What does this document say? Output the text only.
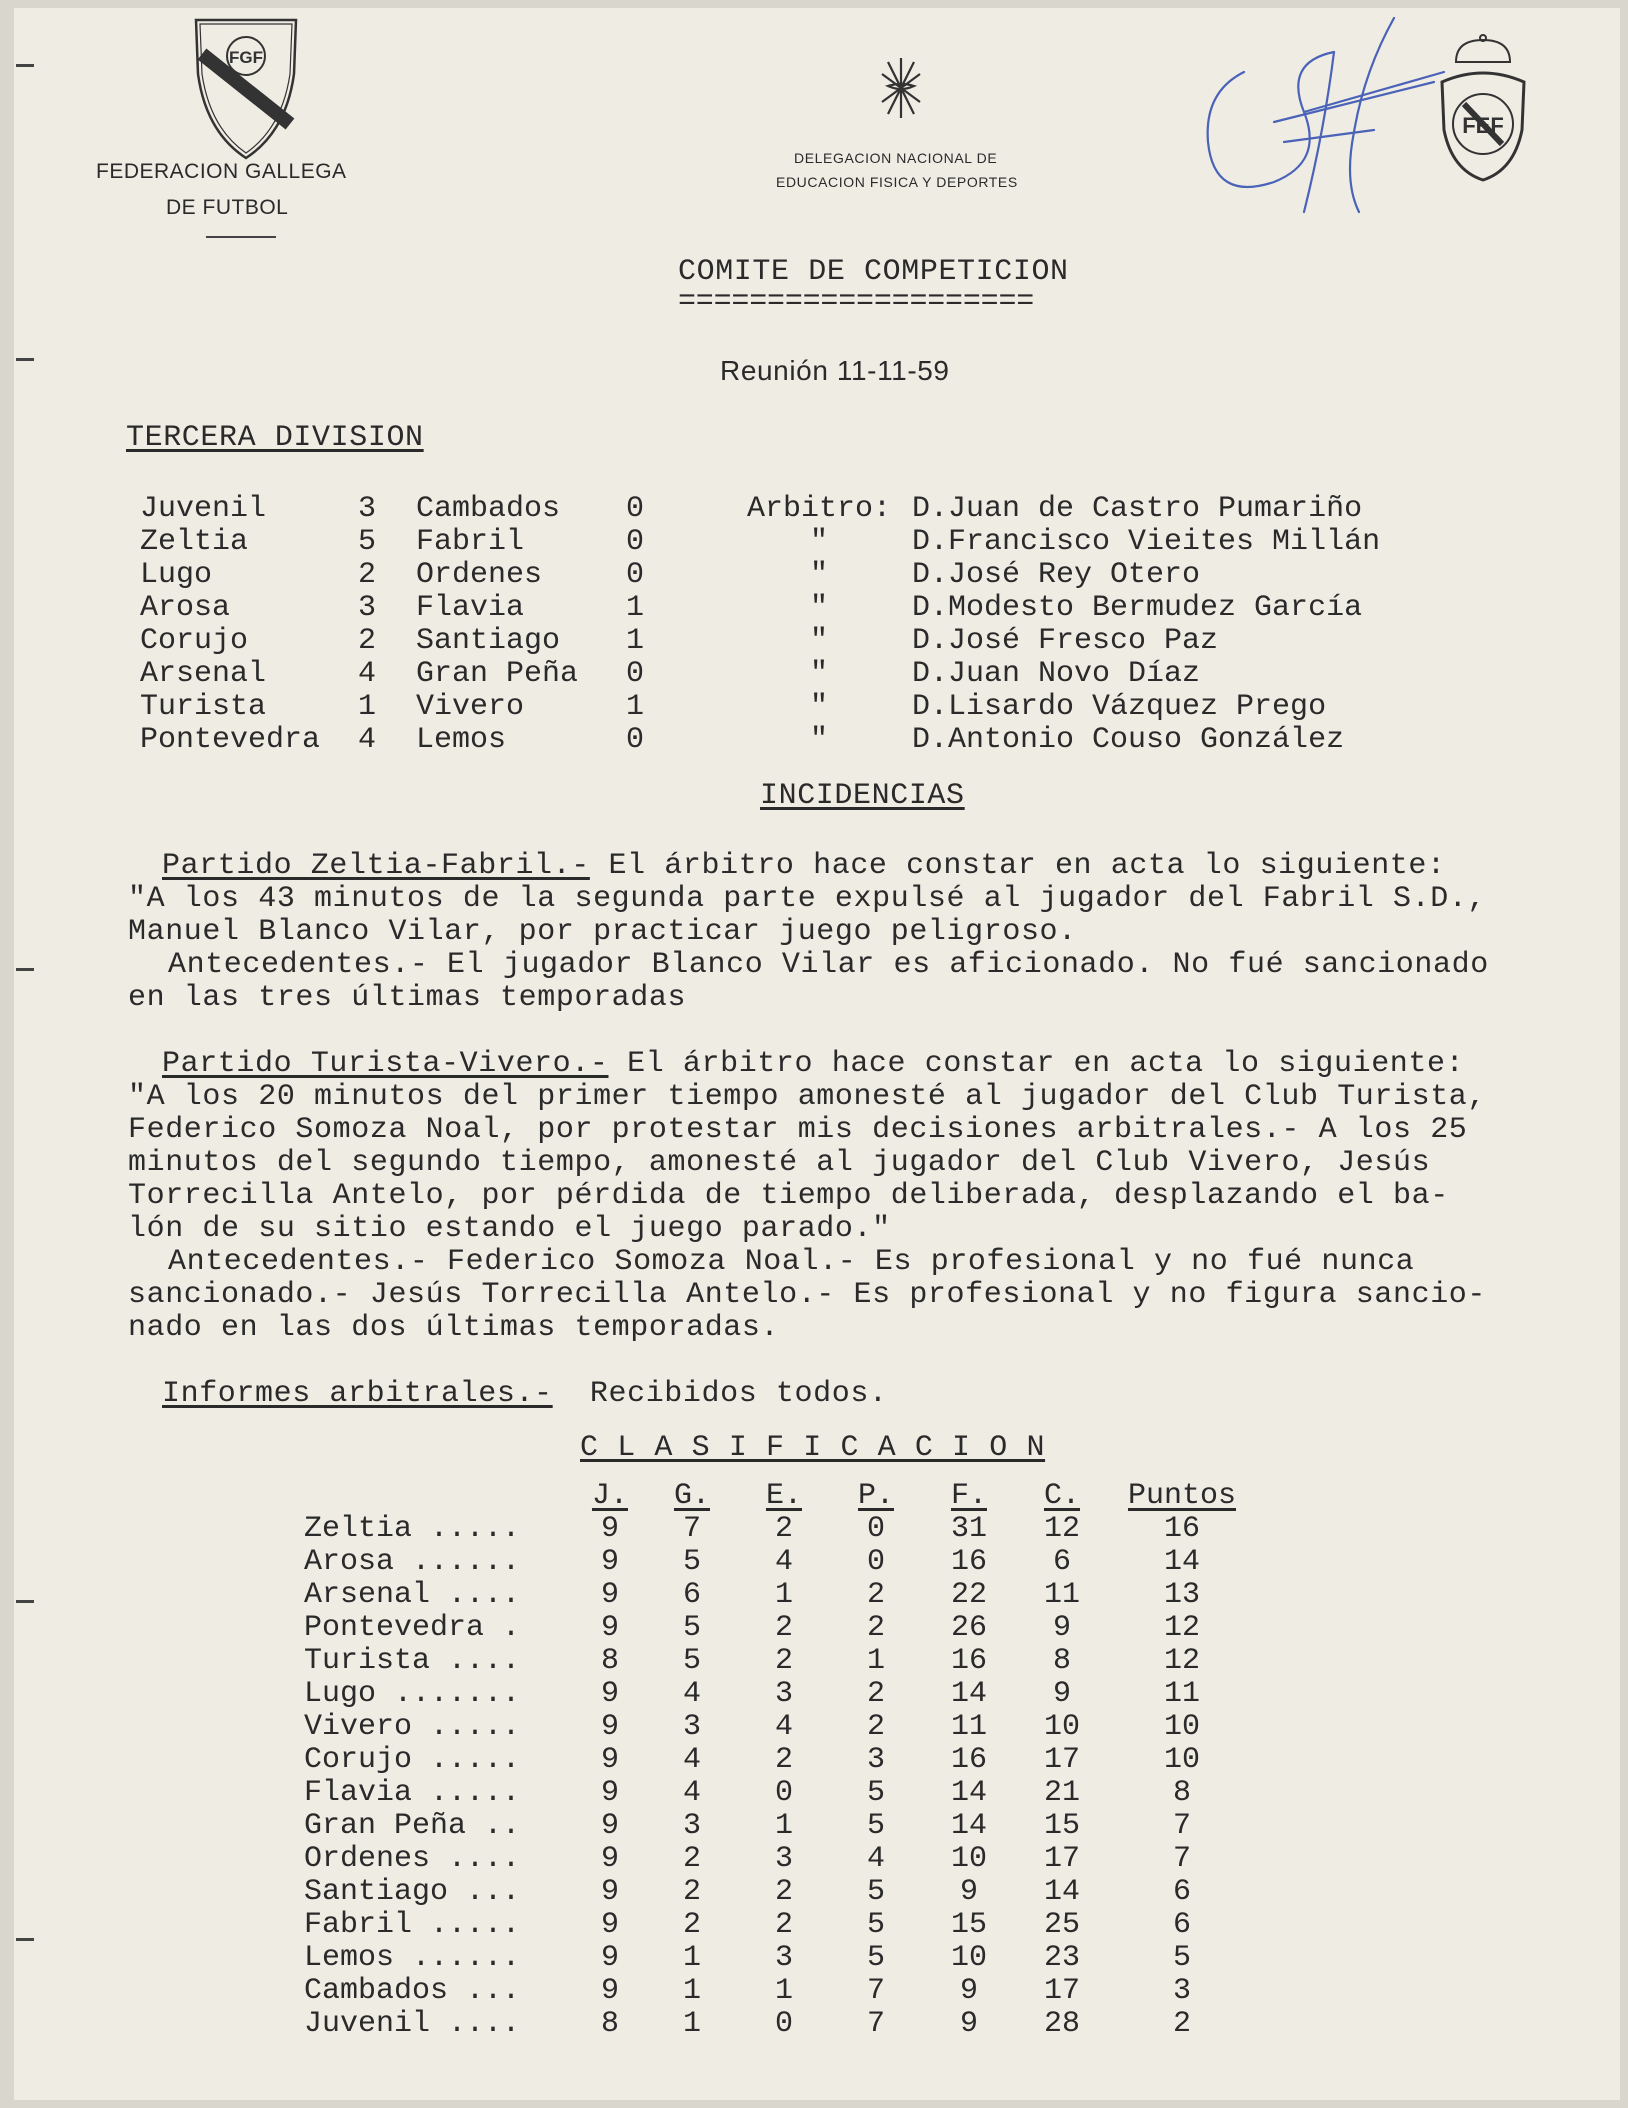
FGF
FEDERACION GALLEGA
DE FUTBOL
DELEGACION NACIONAL DE
EDUCACION FISICA Y DEPORTES
FEF
COMITE DE COMPETICION
====================
Reunión 11-11-59
TERCERA DIVISION
Juvenil	3	Cambados	0	Arbitro:	D.Juan de Castro Pumariño
Zeltia	5	Fabril	0	"	D.Francisco Vieites Millán
Lugo	2	Ordenes	0	"	D.José Rey Otero
Arosa	3	Flavia	1	"	D.Modesto Bermudez García
Corujo	2	Santiago	1	"	D.José Fresco Paz
Arsenal	4	Gran Peña	0	"	D.Juan Novo Díaz
Turista	1	Vivero	1	"	D.Lisardo Vázquez Prego
Pontevedra	4	Lemos	0	"	D.Antonio Couso González
INCIDENCIAS
Partido Zeltia-Fabril.- El árbitro hace constar en acta lo siguiente:
"A los 43 minutos de la segunda parte expulsé al jugador del Fabril S.D.,
Manuel Blanco Vilar, por practicar juego peligroso.
Antecedentes.- El jugador Blanco Vilar es aficionado. No fué sancionado
en las tres últimas temporadas
Partido Turista-Vivero.- El árbitro hace constar en acta lo siguiente:
"A los 20 minutos del primer tiempo amonesté al jugador del Club Turista,
Federico Somoza Noal, por protestar mis decisiones arbitrales.- A los 25
minutos del segundo tiempo, amonesté al jugador del Club Vivero, Jesús
Torrecilla Antelo, por pérdida de tiempo deliberada, desplazando el ba-
lón de su sitio estando el juego parado."
Antecedentes.- Federico Somoza Noal.- Es profesional y no fué nunca
sancionado.- Jesús Torrecilla Antelo.- Es profesional y no figura sancio-
nado en las dos últimas temporadas.
Informes arbitrales.- Recibidos todos.
C L A S I F I C A C I O N
	J.	G.	E.	P.	F.	C.	Puntos
Zeltia .....	9	7	2	0	31	12	16
Arosa ......	9	5	4	0	16	6	14
Arsenal ....	9	6	1	2	22	11	13
Pontevedra .	9	5	2	2	26	9	12
Turista ....	8	5	2	1	16	8	12
Lugo .......	9	4	3	2	14	9	11
Vivero .....	9	3	4	2	11	10	10
Corujo .....	9	4	2	3	16	17	10
Flavia .....	9	4	0	5	14	21	8
Gran Peña ..	9	3	1	5	14	15	7
Ordenes ....	9	2	3	4	10	17	7
Santiago ...	9	2	2	5	9	14	6
Fabril .....	9	2	2	5	15	25	6
Lemos ......	9	1	3	5	10	23	5
Cambados ...	9	1	1	7	9	17	3
Juvenil ....	8	1	0	7	9	28	2
